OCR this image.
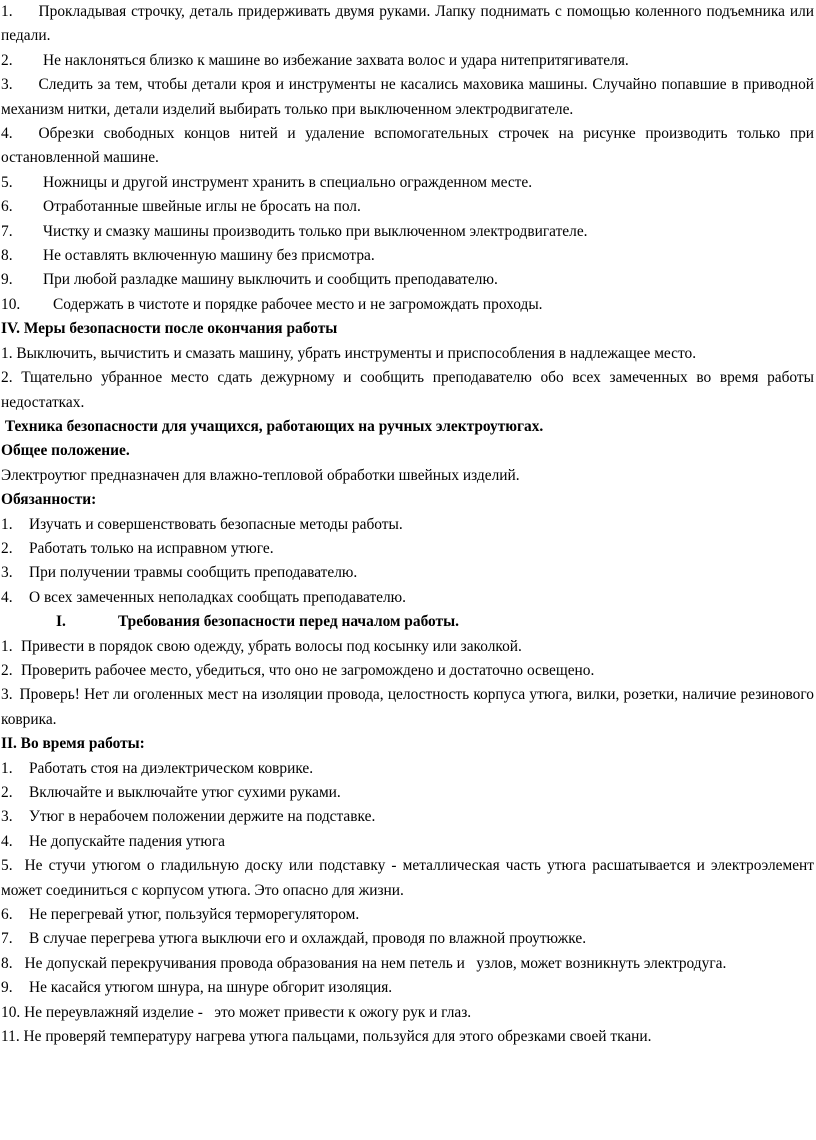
1. Прокладывая строчку, деталь придерживать двумя руками. Лапку поднимать с помощью коленного подъемника или педали.

2.	Не наклоняться близко к машине во избежание захвата волос и удара нитепритягивателя.

3. Следить за тем, чтобы детали кроя и инструменты не касались маховика машины. Случайно попавшие в приводной механизм нитки, детали изделий выбирать только при выключенном электродвигателе.

4. Обрезки свободных концов нитей и удаление вспомогательных строчек на рисунке производить только при остановленной машине.

5.	Ножницы и другой инструмент хранить в специально огражденном месте.
6.	Отработанные швейные иглы не бросать на пол.
7.	Чистку и смазку машины производить только при выключенном электродвигателе.
8.	Не оставлять включенную машину без присмотра.
9.	При любой разладке машину выключить и сообщить преподавателю.
10.	Содержать в чистоте и порядке рабочее место и не загромождать проходы.

IV. Меры безопасности после окончания работы

1. Выключить, вычистить и смазать машину, убрать инструменты и приспособления в надлежащее место.

2. Тщательно убранное место сдать дежурному и сообщить преподавателю обо всех замеченных во время работы недостатках.

Техника безопасности для учащихся, работающих на ручных электроутюгах.

Общее положение.

Электроутюг предназначен для влажно-тепловой обработки швейных изделий.

Обязанности:

1.	Изучать и совершенствовать безопасные методы работы.
2.	Работать только на исправном утюге.
3.	При получении травмы сообщить преподавателю.
4.	О всех замеченных неполадках сообщать преподавателю.
I.	Требования безопасности перед началом работы.
1. Привести в порядок свою одежду, убрать волосы под косынку или заколкой.
2. Проверить рабочее место, убедиться, что оно не загромождено и достаточно освещено.

3. Проверь! Нет ли оголенных мест на изоляции провода, целостность корпуса утюга, вилки, розетки, наличие резинового коврика.

II. Во время работы:

1.	Работать стоя на диэлектрическом коврике.
2.	Включайте и выключайте утюг сухими руками.
3.	Утюг в нерабочем положении держите на подставке.
4.	Не допускайте падения утюга

5. Не стучи утюгом о гладильную доску или подставку - металлическая часть утюга расшатывается и электроэлемент может соединиться с корпусом утюга. Это опасно для жизни.

6.	Не перегревай утюг, пользуйся терморегулятором.
7.	В случае перегрева утюга выключи его и охлаждай, проводя по влажной проутюжке.

8. Не допускай перекручивания провода образования на нем петель и   узлов, может возникнуть электродуга.

9.	Не касайся утюгом шнура, на шнуре обгорит изоляция.

10. Не переувлажняй изделие -   это может привести к ожогу рук и глаз.

11. Не проверяй температуру нагрева утюга пальцами, пользуйся для этого обрезками своей ткани.
